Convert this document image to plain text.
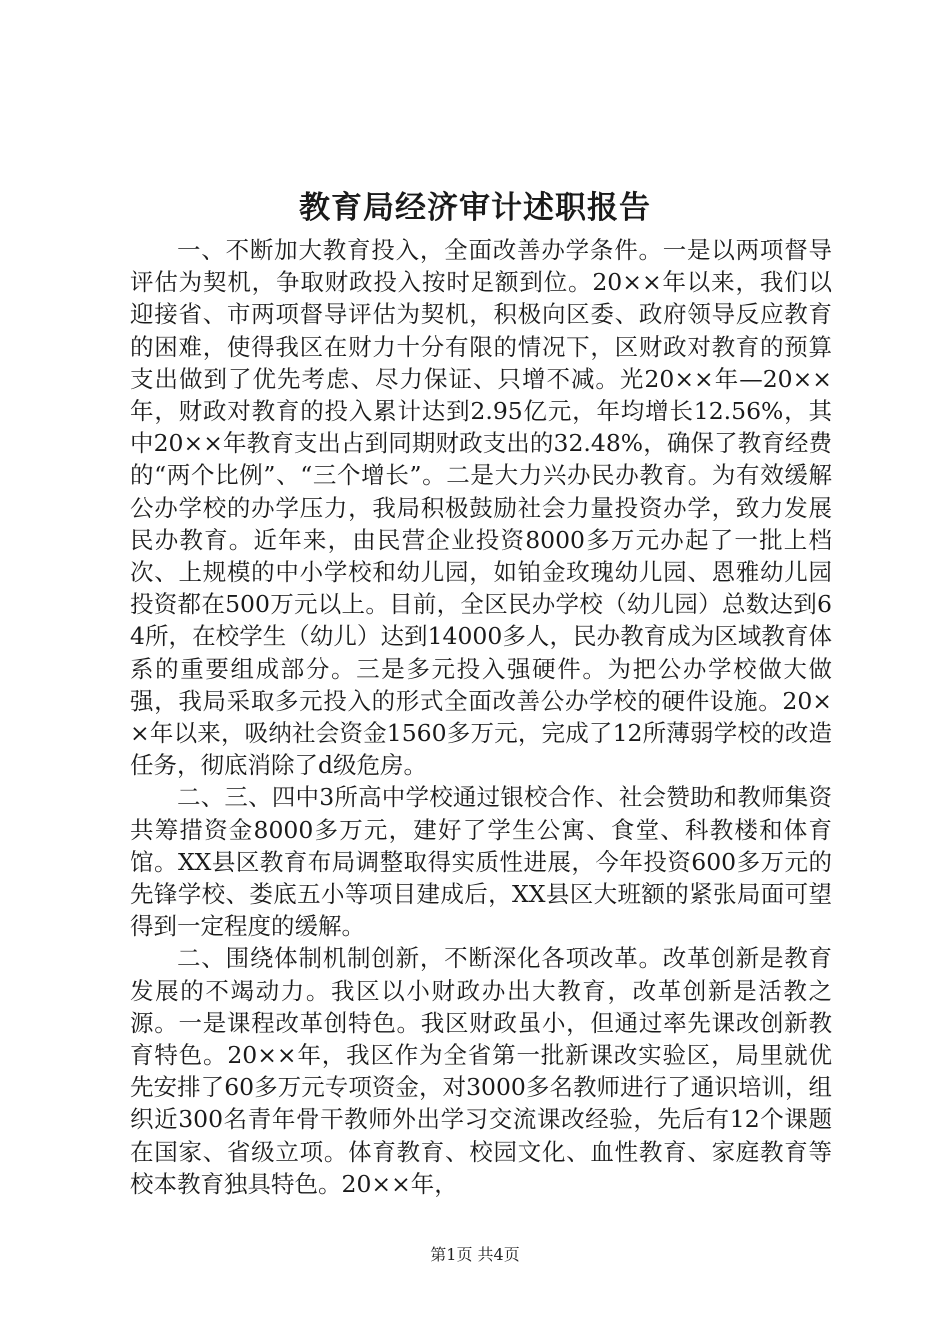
教育局经济审计述职报告

一、不断加大教育投入，全面改善办学条件。一是以两项督导评估为契机，争取财政投入按时足额到位。20××年以来，我们以迎接省、市两项督导评估为契机，积极向区委、政府领导反应教育的困难，使得我区在财力十分有限的情况下，区财政对教育的预算支出做到了优先考虑、尽力保证、只增不减。光20××年—20××年，财政对教育的投入累计达到2.95亿元，年均增长12.56%，其中20××年教育支出占到同期财政支出的32.48%，确保了教育经费的“两个比例”、“三个增长”。二是大力兴办民办教育。为有效缓解公办学校的办学压力，我局积极鼓励社会力量投资办学，致力发展民办教育。近年来，由民营企业投资8000多万元办起了一批上档次、上规模的中小学校和幼儿园，如铂金玫瑰幼儿园、恩雅幼儿园投资都在500万元以上。目前，全区民办学校（幼儿园）总数达到64所，在校学生（幼儿）达到14000多人，民办教育成为区域教育体系的重要组成部分。三是多元投入强硬件。为把公办学校做大做强，我局采取多元投入的形式全面改善公办学校的硬件设施。20××年以来，吸纳社会资金1560多万元，完成了12所薄弱学校的改造任务，彻底消除了d级危房。

二、三、四中3所高中学校通过银校合作、社会赞助和教师集资共筹措资金8000多万元，建好了学生公寓、食堂、科教楼和体育馆。XX县区教育布局调整取得实质性进展，今年投资600多万元的先锋学校、娄底五小等项目建成后，XX县区大班额的紧张局面可望得到一定程度的缓解。

二、围绕体制机制创新，不断深化各项改革。改革创新是教育发展的不竭动力。我区以小财政办出大教育，改革创新是活教之源。一是课程改革创特色。我区财政虽小，但通过率先课改创新教育特色。20××年，我区作为全省第一批新课改实验区，局里就优先安排了60多万元专项资金，对3000多名教师进行了通识培训，组织近300名青年骨干教师外出学习交流课改经验，先后有12个课题在国家、省级立项。体育教育、校园文化、血性教育、家庭教育等校本教育独具特色。20××年，

第1页 共4页
